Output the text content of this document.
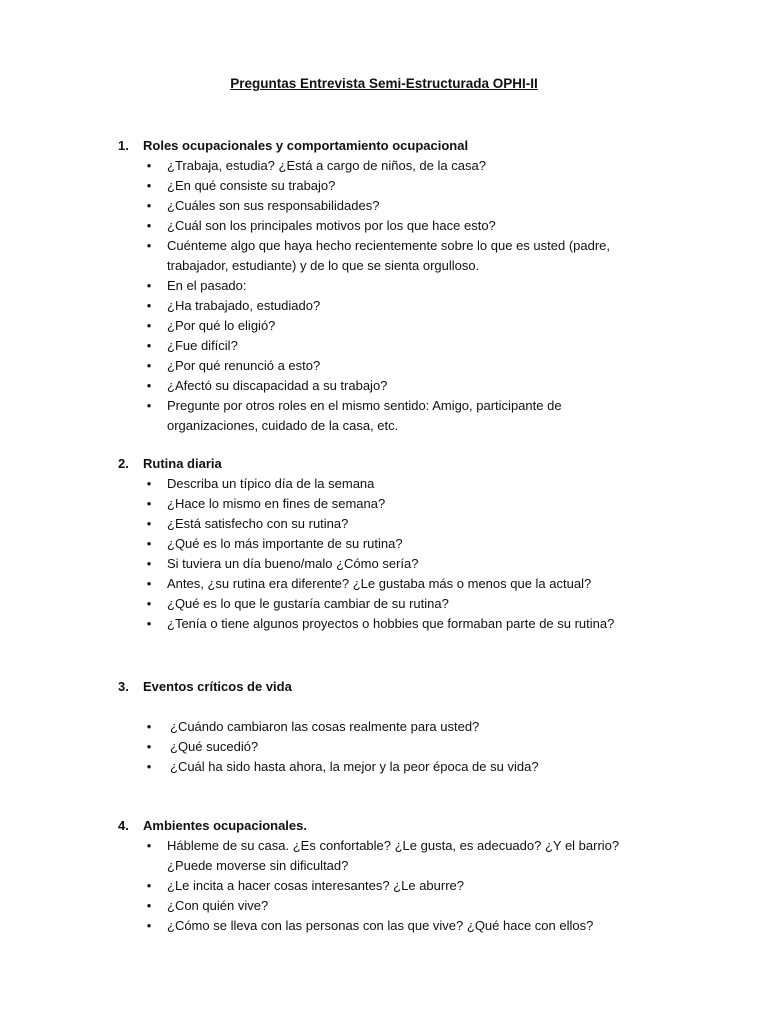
Preguntas Entrevista Semi-Estructurada OPHI-II
1. Roles ocupacionales y comportamiento ocupacional
• ¿Trabaja, estudia? ¿Está a cargo de niños, de la casa?
• ¿En qué consiste su trabajo?
• ¿Cuáles son sus responsabilidades?
• ¿Cuál son los principales motivos por los que hace esto?
• Cuénteme algo que haya hecho recientemente sobre lo que es usted (padre, trabajador, estudiante) y de lo que se sienta orgulloso.
• En el pasado:
• ¿Ha trabajado, estudiado?
• ¿Por qué lo eligió?
• ¿Fue difícil?
• ¿Por qué renunció a esto?
• ¿Afectó su discapacidad a su trabajo?
• Pregunte por otros roles en el mismo sentido: Amigo, participante de organizaciones, cuidado de la casa, etc.
2. Rutina diaria
• Describa un típico día de la semana
• ¿Hace lo mismo en fines de semana?
• ¿Está satisfecho con su rutina?
• ¿Qué es lo más importante de su rutina?
• Si tuviera un día bueno/malo ¿Cómo sería?
• Antes, ¿su rutina era diferente? ¿Le gustaba más o menos que la actual?
• ¿Qué es lo que le gustaría cambiar de su rutina?
• ¿Tenía o tiene algunos proyectos o hobbies que formaban parte de su rutina?
3. Eventos críticos de vida
• ¿Cuándo cambiaron las cosas realmente para usted?
• ¿Qué sucedió?
• ¿Cuál ha sido hasta ahora, la mejor y la peor época de su vida?
4. Ambientes ocupacionales.
• Hábleme de su casa. ¿Es confortable? ¿Le gusta, es adecuado? ¿Y el barrio? ¿Puede moverse sin dificultad?
• ¿Le incita a hacer cosas interesantes? ¿Le aburre?
• ¿Con quién vive?
• ¿Cómo se lleva con las personas con las que vive? ¿Qué hace con ellos?
